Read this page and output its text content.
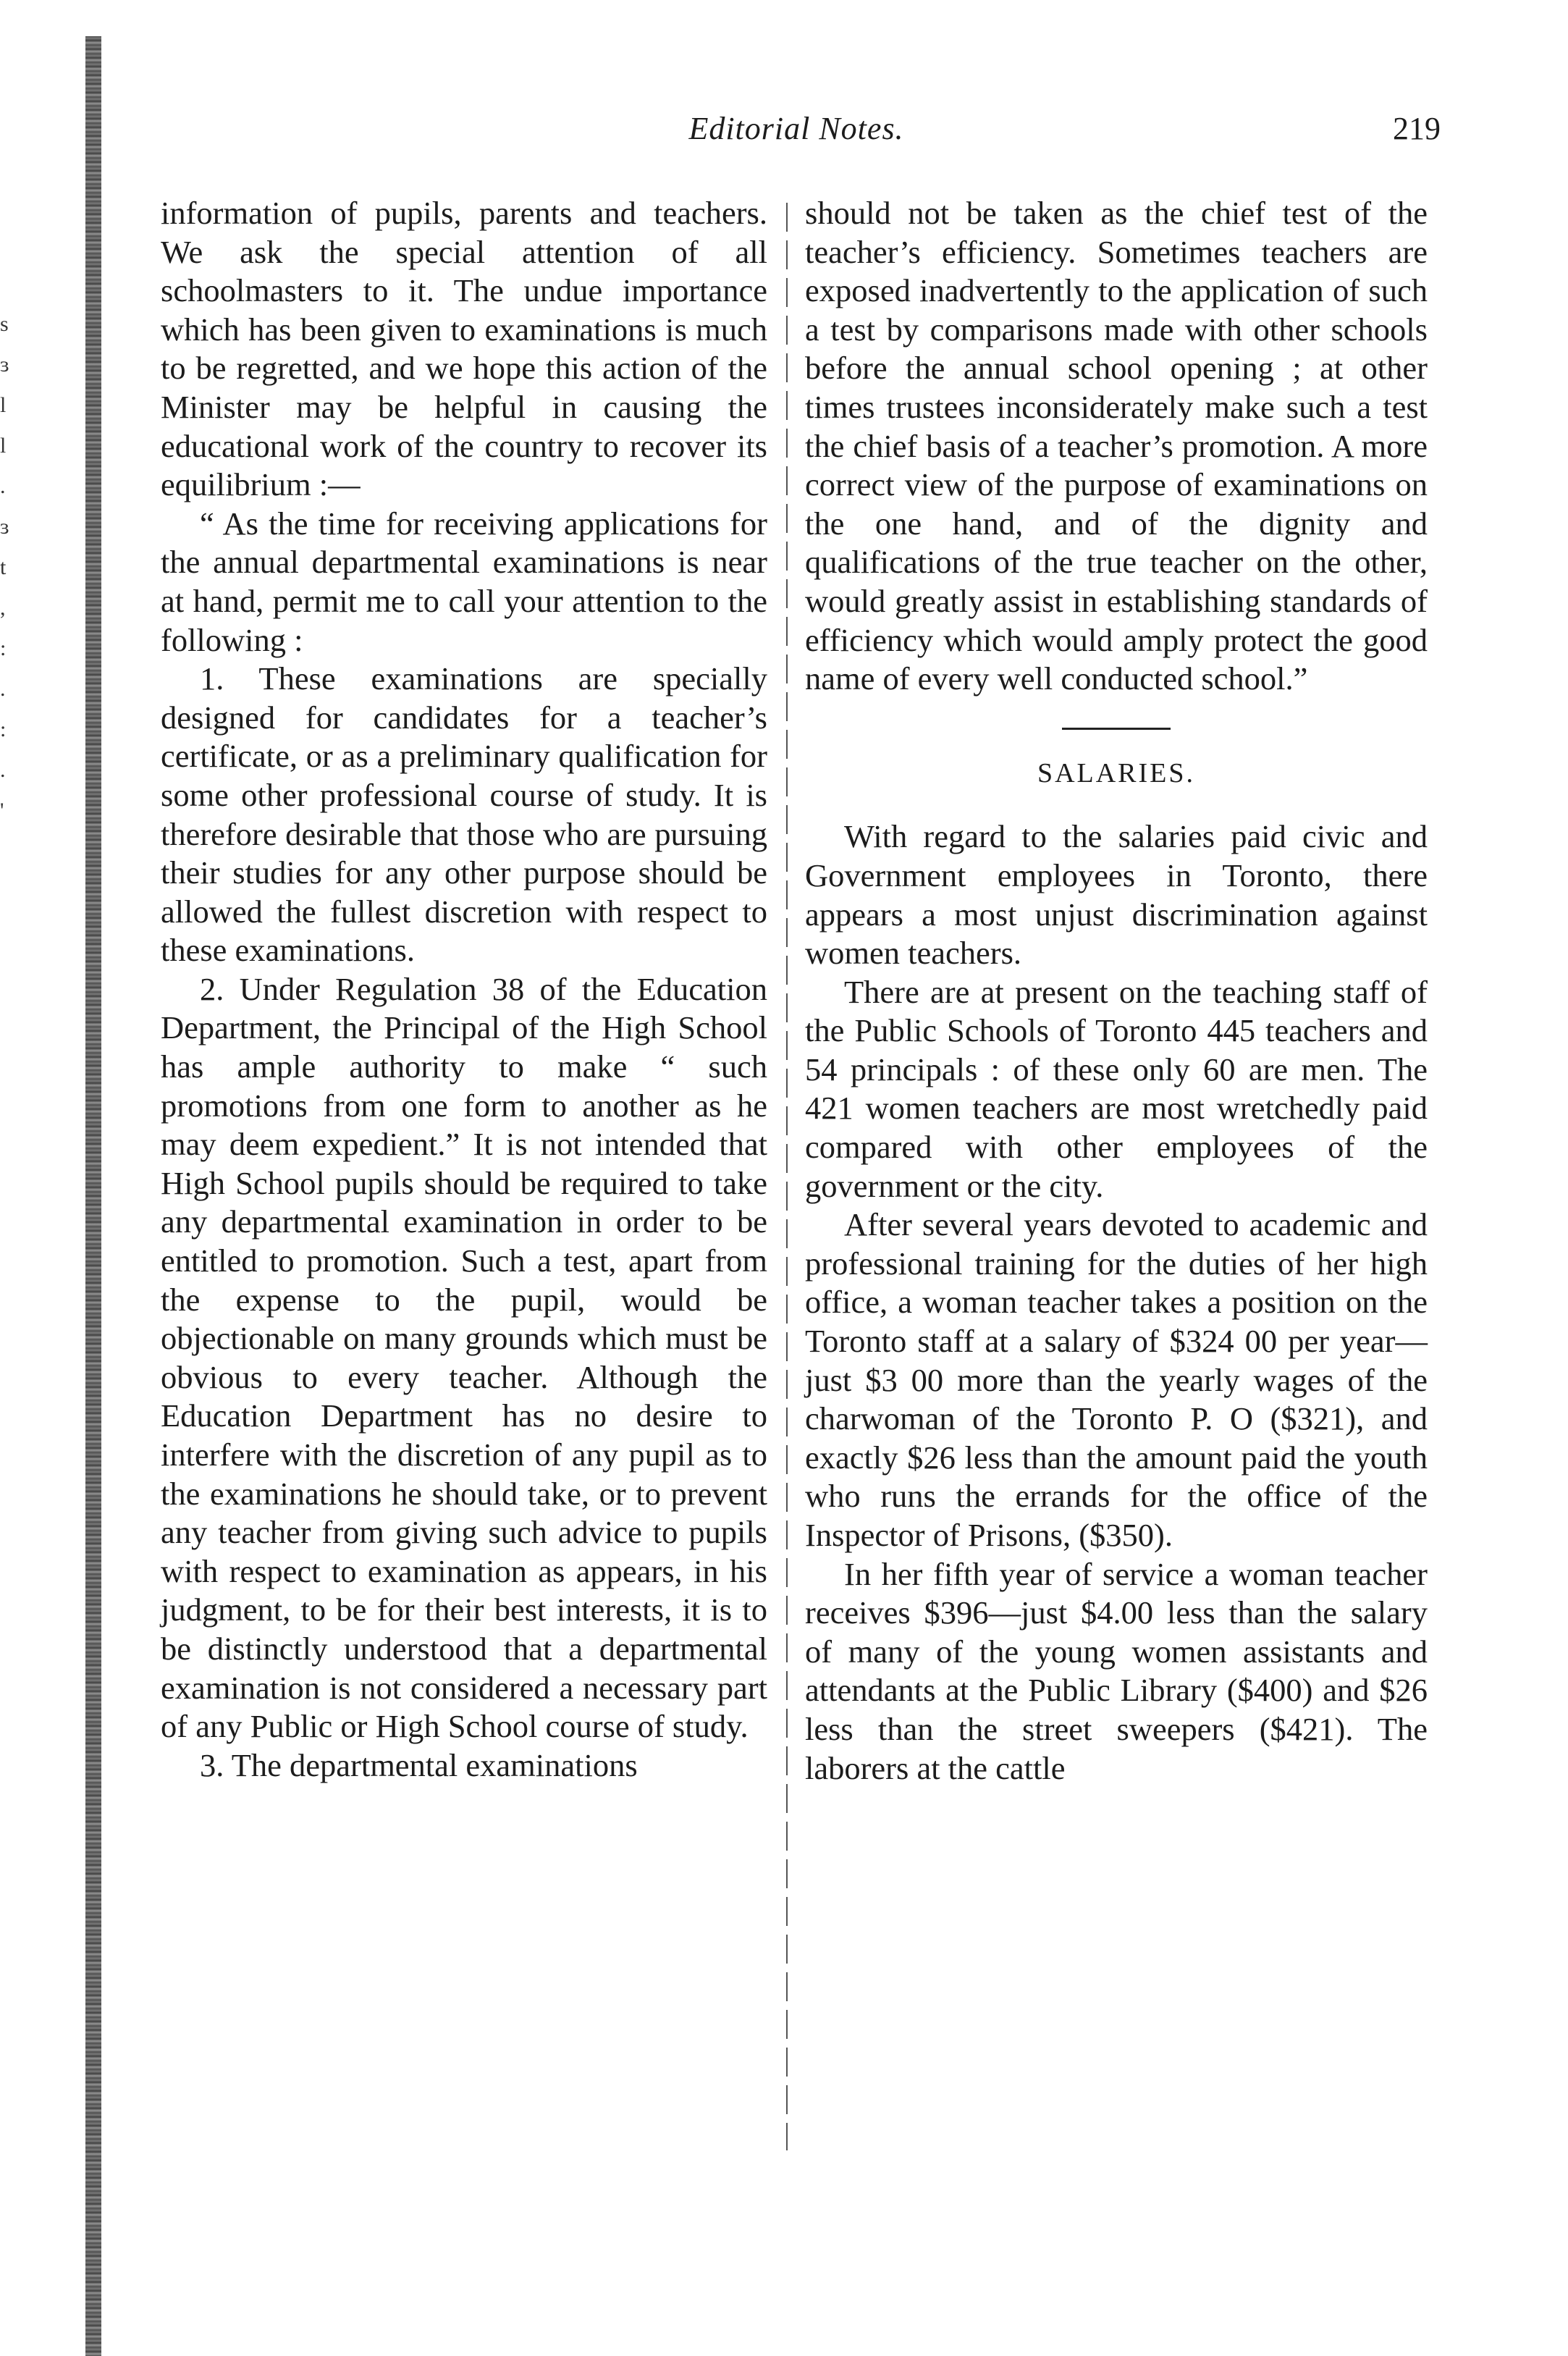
s
ɜ
l
l
.
ɜ
t
,
:
.
:
.
'
Editorial Notes.	219

information of pupils, parents and teachers. We ask the special attention of all schoolmasters to it. The undue importance which has been given to examinations is much to be regretted, and we hope this action of the Minister may be helpful in causing the educational work of the country to recover its equilibrium :—

“ As the time for receiving applications for the annual departmental examinations is near at hand, permit me to call your attention to the following :

1. These examinations are specially designed for candidates for a teacher’s certificate, or as a preliminary qualification for some other professional course of study. It is therefore desirable that those who are pursuing their studies for any other purpose should be allowed the fullest discretion with respect to these examinations.

2. Under Regulation 38 of the Education Department, the Principal of the High School has ample authority to make “ such promotions from one form to another as he may deem expedient.” It is not intended that High School pupils should be required to take any departmental examination in order to be entitled to promotion. Such a test, apart from the expense to the pupil, would be objectionable on many grounds which must be obvious to every teacher. Although the Education Department has no desire to interfere with the discretion of any pupil as to the examinations he should take, or to prevent any teacher from giving such advice to pupils with respect to examination as appears, in his judgment, to be for their best interests, it is to be distinctly understood that a departmental examination is not considered a necessary part of any Public or High School course of study.

3. The departmental examinations

should not be taken as the chief test of the teacher’s efficiency. Sometimes teachers are exposed inadvertently to the application of such a test by comparisons made with other schools before the annual school opening ; at other times trustees inconsiderately make such a test the chief basis of a teacher’s promotion. A more correct view of the purpose of examinations on the one hand, and of the dignity and qualifications of the true teacher on the other, would greatly assist in establishing standards of efficiency which would amply protect the good name of every well conducted school.”

SALARIES.

With regard to the salaries paid civic and Government employees in Toronto, there appears a most unjust discrimination against women teachers.

There are at present on the teaching staff of the Public Schools of Toronto 445 teachers and 54 principals : of these only 60 are men. The 421 women teachers are most wretchedly paid compared with other employees of the government or the city.

After several years devoted to academic and professional training for the duties of her high office, a woman teacher takes a position on the Toronto staff at a salary of $324 00 per year—just $3 00 more than the yearly wages of the charwoman of the Toronto P. O ($321), and exactly $26 less than the amount paid the youth who runs the errands for the office of the Inspector of Prisons, ($350).

In her fifth year of service a woman teacher receives $396—just $4.00 less than the salary of many of the young women assistants and attendants at the Public Library ($400) and $26 less than the street sweepers ($421). The laborers at the cattle
